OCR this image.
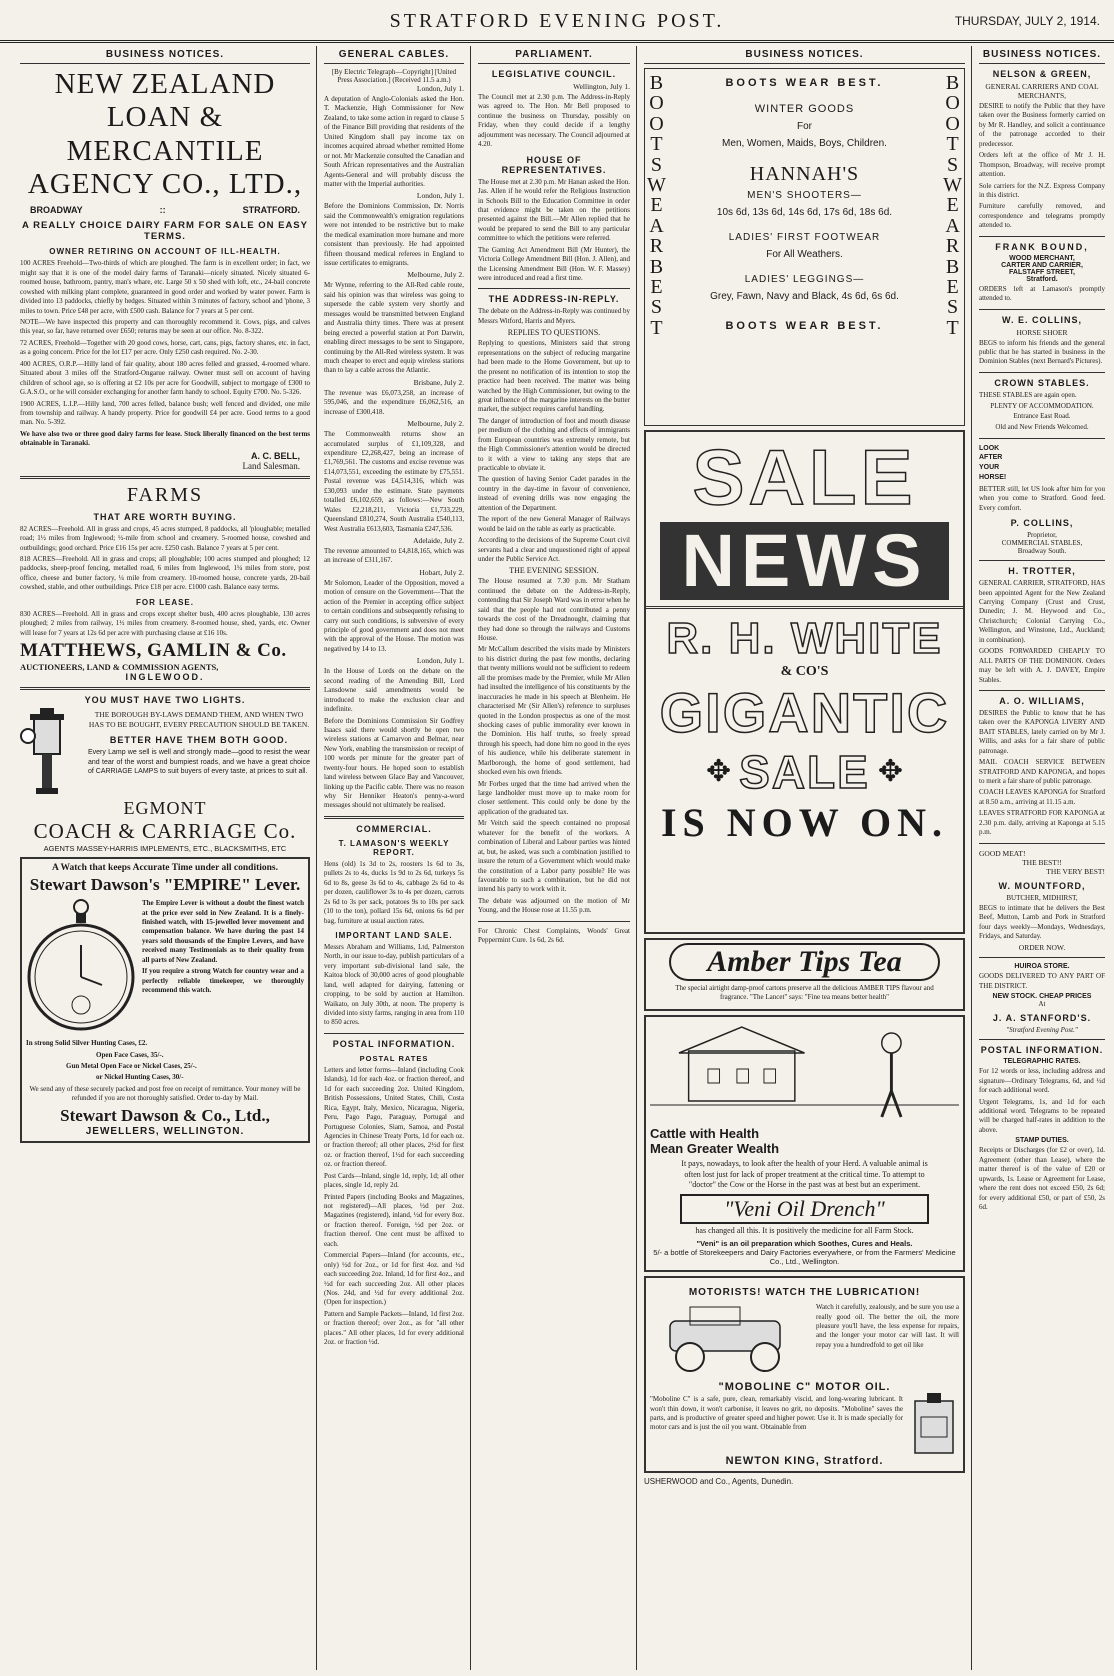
STRATFORD EVENING POST.	THURSDAY, JULY 2, 1914.
BUSINESS NOTICES.
NEW ZEALAND
LOAN & MERCANTILE
AGENCY CO., LTD.,
BROADWAY	::	STRATFORD.
A REALLY CHOICE DAIRY FARM FOR SALE ON EASY TERMS.
OWNER RETIRING ON ACCOUNT OF ILL-HEALTH.

100 ACRES Freehold—Two-thirds of which are ploughed. The farm is in excellent order; in fact, we might say that it is one of the model dairy farms of Taranaki—nicely situated. Nicely situated 6-roomed house, bathroom, pantry, man's whare, etc. Large 50 x 50 shed with loft, etc., 24-bail concrete cowshed with milking plant complete, guaranteed in good order and worked by water power. Farm is divided into 13 paddocks, chiefly by hedges. Situated within 3 minutes of factory, school and 'phone, 3 miles to town. Price £48 per acre, with £500 cash. Balance for 7 years at 5 per cent.

NOTE—We have inspected this property and can thoroughly recommend it. Cows, pigs, and calves this year, so far, have returned over £650; returns may be seen at our office. No. 8-322.

72 ACRES, Freehold—Together with 20 good cows, horse, cart, cans, pigs, factory shares, etc. in fact, as a going concern. Price for the lot £17 per acre. Only £250 cash required. No. 2-30.

400 ACRES, O.R.P.—Hilly land of fair quality, about 180 acres felled and grassed, 4-roomed whare. Situated about 3 miles off the Stratford-Ongarue railway. Owner must sell on account of having children of school age, so is offering at £2 10s per acre for Goodwill, subject to mortgage of £300 to G.A.S.O., or he will consider exchanging for another farm handy to school. Equity £700. No. 5-326.

1900 ACRES, L.I.P.—Hilly land, 700 acres felled, balance bush; well fenced and divided, one mile from township and railway. A handy property. Price for goodwill £4 per acre. Good terms to a good man. No. 5-392.

We have also two or three good dairy farms for lease. Stock liberally financed on the best terms obtainable in Taranaki.

A. C. BELL,
Land Salesman.
FARMS
THAT ARE WORTH BUYING.

82 ACRES—Freehold. All in grass and crops, 45 acres stumped, 8 paddocks, all 'ploughable; metalled road; 1½ miles from Inglewood; ½-mile from school and creamery. 5-roomed house, cowshed and outbuildings; good orchard. Price £16 15s per acre. £250 cash. Balance 7 years at 5 per cent.

818 ACRES—Freehold. All in grass and crops; all ploughable; 100 acres stumped and ploughed; 12 paddocks, sheep-proof fencing, metalled road, 6 miles from Inglewood, 1¼ miles from store, post office, cheese and butter factory, ¼ mile from creamery. 10-roomed house, concrete yards, 20-bail cowshed, stable, and other outbuildings. Price £18 per acre. £1000 cash. Balance easy terms.

FOR LEASE.

830 ACRES—Freehold. All in grass and crops except shelter bush, 400 acres ploughable, 130 acres ploughed; 2 miles from railway, 1½ miles from creamery. 8-roomed house, shed, yards, etc. Owner will lease for 7 years at 12s 6d per acre with purchasing clause at £16 10s.

MATTHEWS, GAMLIN & Co.
AUCTIONEERS, LAND & COMMISSION AGENTS,
INGLEWOOD.
YOU MUST HAVE TWO LIGHTS.

THE BOROUGH BY-LAWS DEMAND THEM, AND WHEN TWO HAS TO BE BOUGHT, EVERY PRECAUTION SHOULD BE TAKEN.

BETTER HAVE THEM BOTH GOOD.

Every Lamp we sell is well and strongly made—good to resist the wear and tear of the worst and bumpiest roads, and we have a great choice of CARRIAGE LAMPS to suit buyers of every taste, at prices to suit all.

EGMONT
COACH & CARRIAGE Co.
AGENTS MASSEY-HARRIS IMPLEMENTS, ETC., BLACKSMITHS, ETC
A Watch that keeps Accurate Time under all conditions.
Stewart Dawson's "EMPIRE" Lever.

The Empire Lever is without a doubt the finest watch at the price ever sold in New Zealand. It is a finely-finished watch, with 15-jewelled lever movement and compensation balance. We have during the past 14 years sold thousands of the Empire Levers, and have received many Testimonials as to their quality from all parts of New Zealand.

If you require a strong Watch for country wear and a perfectly reliable timekeeper, we thoroughly recommend this watch.

In strong Solid Silver Hunting Cases, £2.
Open Face Cases, 35/-.
Gun Metal Open Face or Nickel Cases, 25/-.
or Nickel Hunting Cases, 30/-

We send any of these securely packed and post free on receipt of remittance. Your money will be refunded if you are not thoroughly satisfied. Order to-day by Mail.

Stewart Dawson & Co., Ltd.,
JEWELLERS, WELLINGTON.
GENERAL CABLES.
[By Electric Telegraph—Copyright] [United Press Association.] (Received 11.5 a.m.)
London, July 1.

A deputation of Anglo-Colonials asked the Hon. T. Mackenzie, High Commissioner for New Zealand, to take some action in regard to clause 5 of the Finance Bill providing that residents of the United Kingdom shall pay income tax on incomes acquired abroad whether remitted Home or not. Mr Mackenzie consulted the Canadian and South African representatives and the Australian Agents-General and will probably discuss the matter with the Imperial authorities.

London, July 1.

Before the Dominions Commission, Dr. Norris said the Commonwealth's emigration regulations were not intended to be restrictive but to make the medical examination more humane and more consistent than previously. He had appointed fifteen thousand medical referees in England to issue certificates to emigrants.

Melbourne, July 2.

Mr Wynne, referring to the All-Red cable route, said his opinion was that wireless was going to supersede the cable system very shortly and messages would be transmitted between England and Australia thirty times. There was at present being erected a powerful station at Port Darwin, enabling direct messages to be sent to Singapore, continuing by the All-Red wireless system. It was much cheaper to erect and equip wireless stations than to lay a cable across the Atlantic.

Brisbane, July 2.

The revenue was £6,073,258, an increase of 595,046, and the expenditure £6,062,516, an increase of £300,418.

Melbourne, July 2.

The Commonwealth returns show an accumulated surplus of £1,109,328, and expenditure £2,268,427, being an increase of £1,769,561. The customs and excise revenue was £14,073,551, exceeding the estimate by £75,551. Postal revenue was £4,514,316, which was £30,093 under the estimate. State payments totalled £6,102,659, as follows:—New South Wales £2,218,211, Victoria £1,733,229, Queensland £810,274, South Australia £540,113, West Australia £613,603, Tasmania £247,536.

Adelaide, July 2.

The revenue amounted to £4,818,165, which was an increase of £311,167.

Hobart, July 2.

Mr Solomon, Leader of the Opposition, moved a motion of censure on the Government—That the action of the Premier in accepting office subject to certain conditions and subsequently refusing to carry out such conditions, is subversive of every principle of good government and does not meet with the approval of the House. The motion was negatived by 14 to 13.

London, July 1.

In the House of Lords on the debate on the second reading of the Amending Bill, Lord Lansdowne said amendments would be introduced to make the exclusion clear and indefinite.

Before the Dominions Commission Sir Godfrey Isaacs said there would shortly be open two wireless stations at Carnarvon and Belmar, near New York, enabling the transmission or receipt of 100 words per minute for the greater part of twenty-four hours. He hoped soon to establish land wireless between Glace Bay and Vancouver, linking up the Pacific cable. There was no reason why Sir Henniker Heaton's penny-a-word messages should not ultimately be realised.

COMMERCIAL.
T. LAMASON'S WEEKLY REPORT.

Hens (old) 1s 3d to 2s, roosters 1s 6d to 3s, pullets 2s to 4s, ducks 1s 9d to 2s 6d, turkeys 5s 6d to 8s, geese 3s 6d to 4s, cabbage 2s 6d to 4s per dozen, cauliflower 3s to 4s per dozen, carrots 2s 6d to 3s per sack, potatoes 9s to 10s per sack (10 to the ton), pollard 15s 6d, onions 6s 6d per bag, furniture at usual auction rates.

IMPORTANT LAND SALE.

Messrs Abraham and Williams, Ltd, Palmerston North, in our issue to-day, publish particulars of a very important sub-divisional land sale, the Kaitoa block of 30,000 acres of good ploughable land, well adapted for dairying, fattening or cropping, to be sold by auction at Hamilton. Waikato, on July 30th, at noon. The property is divided into sixty farms, ranging in area from 110 to 850 acres.

POSTAL INFORMATION.
POSTAL RATES

Letters and letter forms—Inland (including Cook Islands), 1d for each 4oz. or fraction thereof, and 1d for each succeeding 2oz. United Kingdom, British Possessions, United States, Chili, Costa Rica, Egypt, Italy, Mexico, Nicaragua, Nigeria, Peru, Pago Pago, Paraguay, Portugal and Portuguese Colonies, Siam, Samoa, and Postal Agencies in Chinese Treaty Ports, 1d for each oz. or fraction thereof; all other places, 2½d for first oz. or fraction thereof, 1½d for each succeeding oz. or fraction thereof.

Post Cards—Inland, single 1d, reply, 1d; all other places, single 1d, reply 2d.

Printed Papers (including Books and Magazines, not registered)—All places, ½d per 2oz. Magazines (registered), inland, ½d for every 8oz. or fraction thereof. Foreign, ½d per 2oz. or fraction thereof. One cent must be affixed to each.

Commercial Papers—Inland (for accounts, etc., only) ½d for 2oz., or 1d for first 4oz. and ½d each succeeding 2oz. Inland, 1d for first 4oz., and ½d for each succeeding 2oz. All other places (Nos. 24d, and ½d for every additional 2oz. (Open for inspection.)

Pattern and Sample Packets—Inland, 1d first 2oz. or fraction thereof; over 2oz., as for "all other places." All other places, 1d for every additional 2oz. or fraction ½d.

PARLIAMENT.
LEGISLATIVE COUNCIL.
Wellington, July 1.

The Council met at 2.30 p.m. The Address-in-Reply was agreed to. The Hon. Mr Bell proposed to continue the business on Thursday, possibly on Friday, when they could decide if a lengthy adjournment was necessary. The Council adjourned at 4.20.

HOUSE OF REPRESENTATIVES.

The House met at 2.30 p.m. Mr Hanan asked the Hon. Jas. Allen if he would refer the Religious Instruction in Schools Bill to the Education Committee in order that evidence might be taken on the petitions presented against the Bill.—Mr Allen replied that he would be prepared to send the Bill to any particular committee to which the petitions were referred.

The Gaming Act Amendment Bill (Mr Hunter), the Victoria College Amendment Bill (Hon. J. Allen), and the Licensing Amendment Bill (Hon. W. F. Massey) were introduced and read a first time.

THE ADDRESS-IN-REPLY.

The debate on the Address-in-Reply was continued by Messrs Witford, Harris and Myers.

REPLIES TO QUESTIONS.

Replying to questions, Ministers said that strong representations on the subject of reducing margarine had been made to the Home Government, but up to the present no notification of its intention to stop the practice had been received. The matter was being watched by the High Commissioner, but owing to the great influence of the margarine interests on the butter market, the subject requires careful handling.

The danger of introduction of foot and mouth disease per medium of the clothing and effects of immigrants from European countries was extremely remote, but the High Commissioner's attention would be directed to it with a view to taking any steps that are practicable to obviate it.

The question of having Senior Cadet parades in the country in the day-time in favour of convenience, instead of evening drills was now engaging the attention of the Department.

The report of the new General Manager of Railways would be laid on the table as early as practicable.

According to the decisions of the Supreme Court civil servants had a clear and unquestioned right of appeal under the Public Service Act.

THE EVENING SESSION.

The House resumed at 7.30 p.m. Mr Statham continued the debate on the Address-in-Reply, contending that Sir Joseph Ward was in error when he said that the people had not contributed a penny towards the cost of the Dreadnought, claiming that they had done so through the railways and Customs House.

Mr McCallum described the visits made by Ministers to his district during the past few months, declaring that twenty millions would not be sufficient to redeem all the promises made by the Premier, while Mr Allen had insulted the intelligence of his constituents by the inaccuracies he made in his speech at Blenheim. He characterised Mr (Sir Allen's) reference to surpluses quoted in the London prospectus as one of the most shocking cases of public immorality ever known in the Dominion. His half truths, so freely spread through his speech, had done him no good in the eyes of his audience, while his deliberate statement in Marlborough, the home of good settlement, had shocked even his own friends.

Mr Forbes urged that the time had arrived when the large landholder must move up to make room for closer settlement. This could only be done by the application of the graduated tax.

Mr Veitch said the speech contained no proposal whatever for the benefit of the workers. A combination of Liberal and Labour parties was hinted at, but, he asked, was such a combination justified to insure the return of a Government which would make the constitution of a Labor party possible? He was favourable to such a combination, but he did not intend his party to work with it.

The debate was adjourned on the motion of Mr Young, and the House rose at 11.55 p.m.

For Chronic Chest Complaints, Woods' Great Peppermint Cure. 1s 6d, 2s 6d.

BUSINESS NOTICES.
B
O
O
T
S
W
E
A
R
B
E
S
T
BOOTS WEAR BEST.
WINTER GOODS
For
Men, Women, Maids, Boys, Children.
HANNAH'S
MEN'S SHOOTERS—
10s 6d, 13s 6d, 14s 6d, 17s 6d, 18s 6d.
LADIES' FIRST FOOTWEAR
For All Weathers.
LADIES' LEGGINGS—
Grey, Fawn, Navy and Black, 4s 6d, 6s 6d.
BOOTS WEAR BEST.
B
O
O
T
S
W
E
A
R
B
E
S
T
SALE
NEWS
R. H. WHITE
& CO'S
GIGANTIC
✥ SALE ✥
IS NOW ON.
Amber Tips Tea

The special airtight damp-proof cartons preserve all the delicious AMBER TIPS flavour and fragrance. "The Lancet" says: "Fine tea means better health"

Cattle with Health
Mean Greater Wealth

It pays, nowadays, to look after the health of your Herd. A valuable animal is often lost just for lack of proper treatment at the critical time. To attempt to "doctor" the Cow or the Horse in the past was at best but an experiment.

"Veni Oil Drench"

has changed all this. It is positively the medicine for all Farm Stock.

"Veni" is an oil preparation which Soothes, Cures and Heals.
5/- a bottle of Storekeepers and Dairy Factories everywhere, or from the Farmers' Medicine Co., Ltd., Wellington.
MOTORISTS! WATCH THE LUBRICATION!

Watch it carefully, zealously, and be sure you use a really good oil. The better the oil, the more pleasure you'll have, the less expense for repairs, and the longer your motor car will last. It will repay you a hundredfold to get oil like

"MOBOLINE C" MOTOR OIL.

"Moboline C" is a safe, pure, clean, remarkably viscid, and long-wearing lubricant. It won't thin down, it won't carbonise, it leaves no grit, no deposits. "Moboline" saves the parts, and is productive of greater speed and higher power. Use it. It is made specially for motor cars and is just the oil you want. Obtainable from

NEWTON KING, Stratford.
USHERWOOD and Co., Agents, Dunedin.
BUSINESS NOTICES.
NELSON & GREEN,
GENERAL CARRIERS AND COAL MERCHANTS,

DESIRE to notify the Public that they have taken over the Business formerly carried on by Mr R. Handley, and solicit a continuance of the patronage accorded to their predecessor.

Orders left at the office of Mr J. H. Thompson, Broadway, will receive prompt attention.

Sole carriers for the N.Z. Express Company in this district.

Furniture carefully removed, and correspondence and telegrams promptly attended to.

FRANK BOUND,
WOOD MERCHANT,
CARTER AND CARRIER,
FALSTAFF STREET,
Stratford.

ORDERS left at Lamason's promptly attended to.

W. E. COLLINS,
HORSE SHOER

BEGS to inform his friends and the general public that he has started in business in the Dominion Stables (next Bernard's Pictures).

CROWN STABLES.

THESE STABLES are again open.

PLENTY OF ACCOMMODATION. Entrance East Road.

Old and New Friends Welcomed.

LOOK AFTER YOUR HORSE!

BETTER still, let US look after him for you when you come to Stratford. Good feed. Every comfort.

P. COLLINS,
Proprietor,
COMMERCIAL STABLES,
Broadway South.
H. TROTTER,

GENERAL CARRIER, STRATFORD, HAS been appointed Agent for the New Zealand Carrying Company (Crust and Crust, Dunedin; J. M. Heywood and Co., Christchurch; Colonial Carrying Co., Wellington, and Winstone, Ltd., Auckland; in combination).

GOODS FORWARDED CHEAPLY TO ALL PARTS OF THE DOMINION. Orders may be left with A. J. DAVEY, Empire Stables.

A. O. WILLIAMS,

DESIRES the Public to know that he has taken over the KAPONGA LIVERY AND BAIT STABLES, lately carried on by Mr J. Willis, and asks for a fair share of public patronage.

MAIL COACH SERVICE BETWEEN STRATFORD AND KAPONGA, and hopes to merit a fair share of public patronage.

COACH LEAVES KAPONGA for Stratford at 8.50 a.m., arriving at 11.15 a.m.

LEAVES STRATFORD FOR KAPONGA at 2.30 p.m. daily, arriving at Kaponga at 5.15 p.m.

GOOD MEAT!
THE BEST!!
THE VERY BEST!
W. MOUNTFORD,
BUTCHER, MIDHIRST,

BEGS to intimate that he delivers the Best Beef, Mutton, Lamb and Pork in Stratford four days weekly—Mondays, Wednesdays, Fridays, and Saturday.

ORDER NOW.
HUIROA STORE.

GOODS DELIVERED TO ANY PART OF THE DISTRICT.

NEW STOCK. CHEAP PRICES
At
J. A. STANFORD'S.
"Stratford Evening Post."
POSTAL INFORMATION.
TELEGRAPHIC RATES.

For 12 words or less, including address and signature—Ordinary Telegrams, 6d, and ½d for each additional word.

Urgent Telegrams, 1s, and 1d for each additional word. Telegrams to be repeated will be charged half-rates in addition to the above.

STAMP DUTIES.

Receipts or Discharges (for £2 or over), 1d. Agreement (other than Lease), where the matter thereof is of the value of £20 or upwards, 1s. Lease or Agreement for Lease, where the rent does not exceed £50, 2s 6d; for every additional £50, or part of £50, 2s 6d.
